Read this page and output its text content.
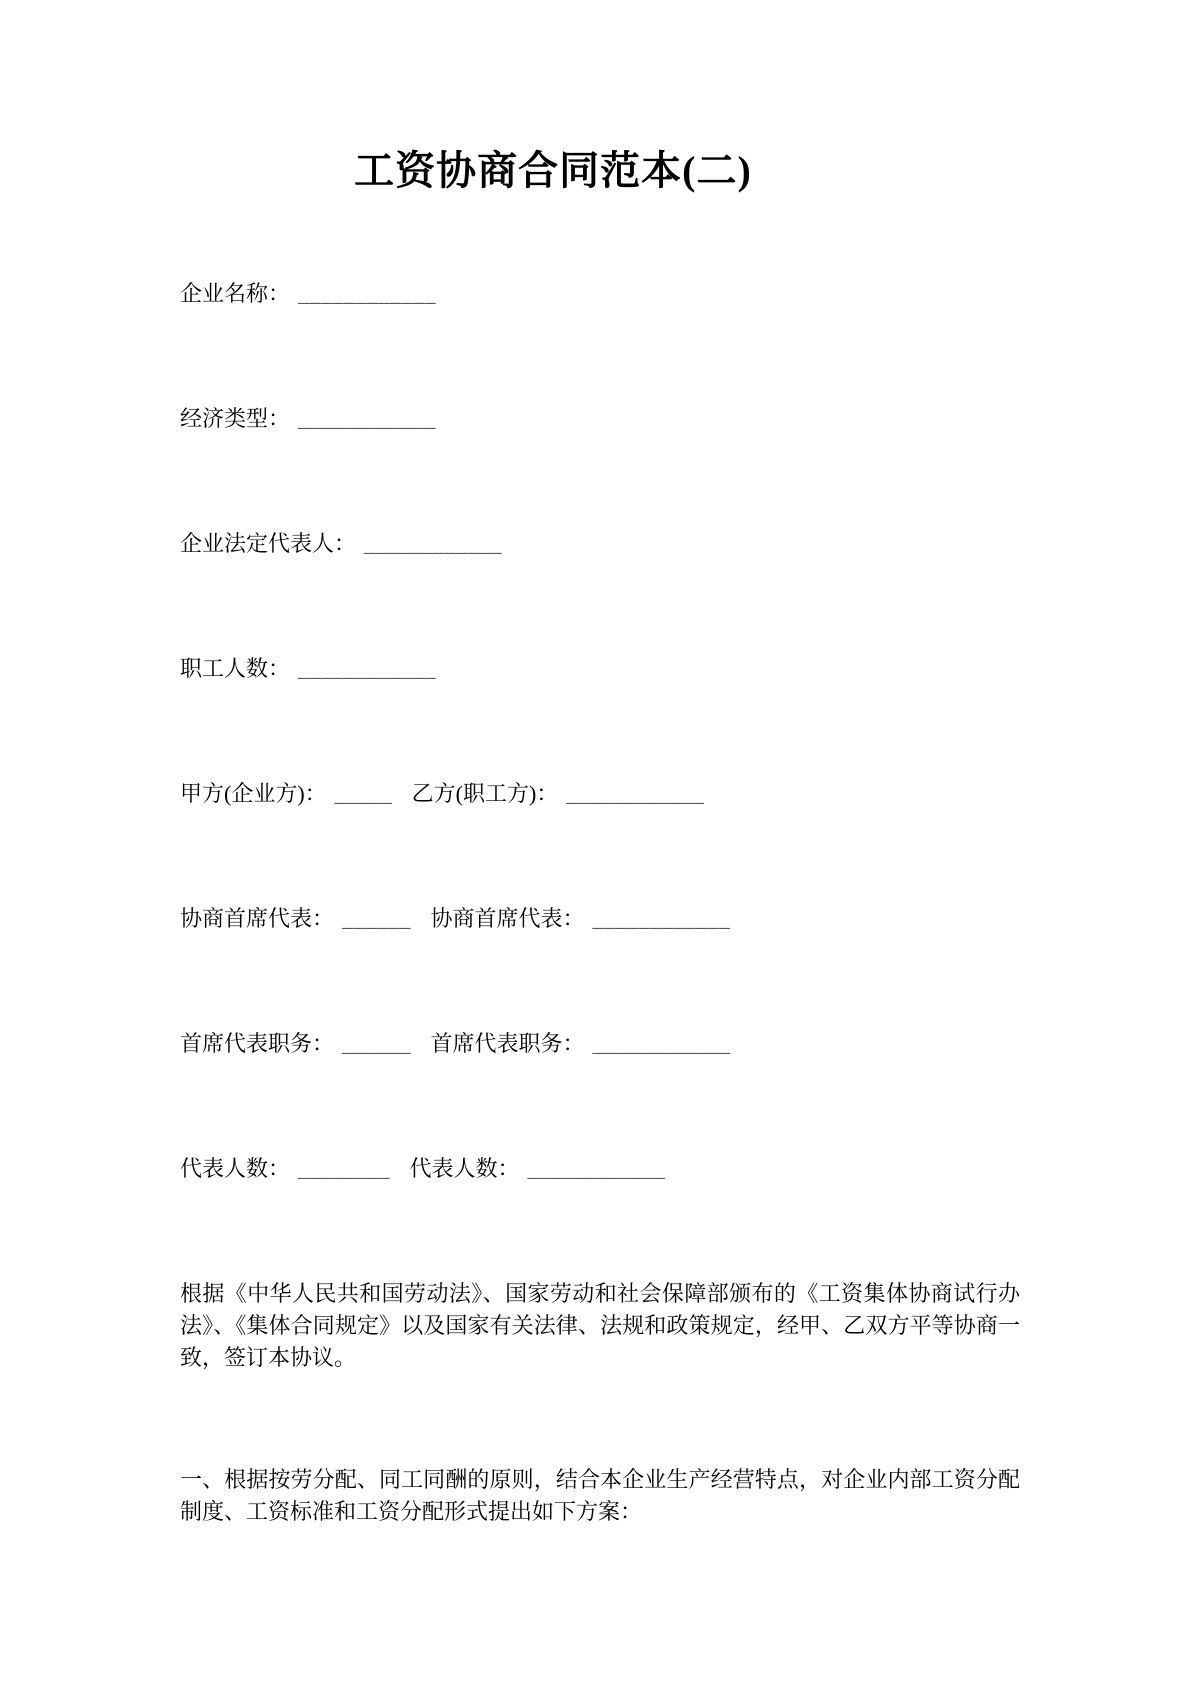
工资协商合同范本(二)
企业名称： ____________
经济类型： ____________
企业法定代表人： ____________
职工人数： ____________
甲方(企业方)： _____ 乙方(职工方)： ____________
协商首席代表： ______ 协商首席代表： ____________
首席代表职务： ______ 首席代表职务： ____________
代表人数： ________ 代表人数： ____________

根据《中华人民共和国劳动法》、国家劳动和社会保障部颁布的《工资集体协商试行办法》、《集体合同规定》以及国家有关法律、法规和政策规定，经甲、乙双方平等协商一致，签订本协议。

一、根据按劳分配、同工同酬的原则，结合本企业生产经营特点，对企业内部工资分配制度、工资标准和工资分配形式提出如下方案：
